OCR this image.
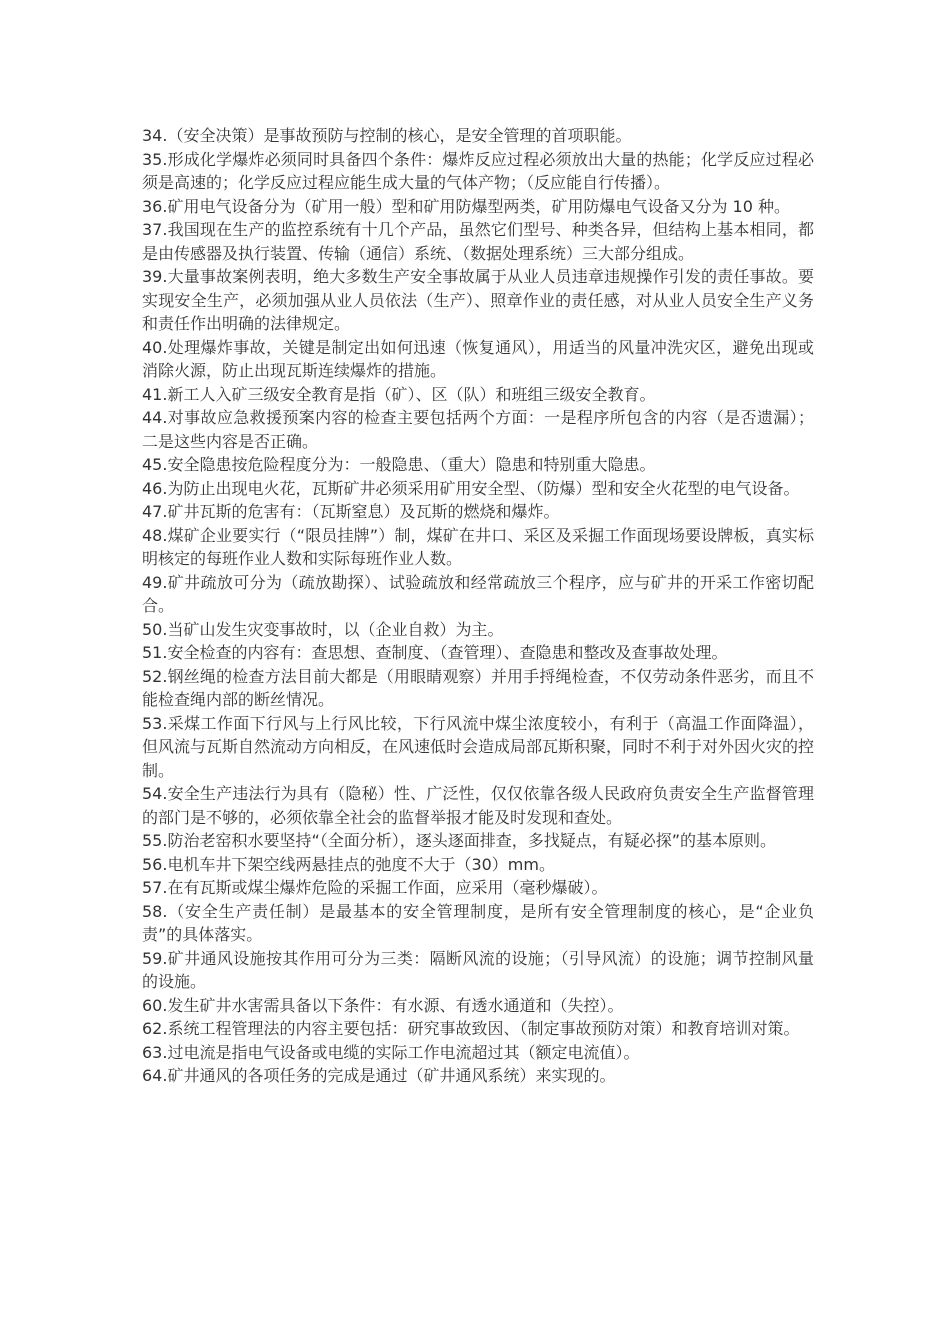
34.（安全决策）是事故预防与控制的核心，是安全管理的首项职能。

35.形成化学爆炸必须同时具备四个条件：爆炸反应过程必须放出大量的热能；化学反应过程必须是高速的；化学反应过程应能生成大量的气体产物；（反应能自行传播）。

36.矿用电气设备分为（矿用一般）型和矿用防爆型两类，矿用防爆电气设备又分为 10 种。

37.我国现在生产的监控系统有十几个产品，虽然它们型号、种类各异，但结构上基本相同，都是由传感器及执行装置、传输（通信）系统、（数据处理系统）三大部分组成。

39.大量事故案例表明，绝大多数生产安全事故属于从业人员违章违规操作引发的责任事故。要实现安全生产，必须加强从业人员依法（生产）、照章作业的责任感，对从业人员安全生产义务和责任作出明确的法律规定。

40.处理爆炸事故，关键是制定出如何迅速（恢复通风），用适当的风量冲洗灾区，避免出现或消除火源，防止出现瓦斯连续爆炸的措施。

41.新工人入矿三级安全教育是指（矿）、区（队）和班组三级安全教育。

44.对事故应急救援预案内容的检查主要包括两个方面：一是程序所包含的内容（是否遗漏）；二是这些内容是否正确。

45.安全隐患按危险程度分为：一般隐患、（重大）隐患和特别重大隐患。

46.为防止出现电火花，瓦斯矿井必须采用矿用安全型、（防爆）型和安全火花型的电气设备。

47.矿井瓦斯的危害有：（瓦斯窒息）及瓦斯的燃烧和爆炸。

48.煤矿企业要实行（“限员挂牌”）制，煤矿在井口、采区及采掘工作面现场要设牌板，真实标明核定的每班作业人数和实际每班作业人数。

49.矿井疏放可分为（疏放勘探）、试验疏放和经常疏放三个程序，应与矿井的开采工作密切配合。

50.当矿山发生灾变事故时，以（企业自救）为主。

51.安全检查的内容有：查思想、查制度、（查管理）、查隐患和整改及查事故处理。

52.钢丝绳的检查方法目前大都是（用眼睛观察）并用手捋绳检查，不仅劳动条件恶劣，而且不能检查绳内部的断丝情况。

53.采煤工作面下行风与上行风比较，下行风流中煤尘浓度较小，有利于（高温工作面降温），但风流与瓦斯自然流动方向相反，在风速低时会造成局部瓦斯积聚，同时不利于对外因火灾的控制。

54.安全生产违法行为具有（隐秘）性、广泛性，仅仅依靠各级人民政府负责安全生产监督管理的部门是不够的，必须依靠全社会的监督举报才能及时发现和查处。

55.防治老窑积水要坚持“（全面分析），逐头逐面排查，多找疑点，有疑必探”的基本原则。

56.电机车井下架空线两悬挂点的弛度不大于（30）mm。

57.在有瓦斯或煤尘爆炸危险的采掘工作面，应采用（毫秒爆破）。

58.（安全生产责任制）是最基本的安全管理制度，是所有安全管理制度的核心，是“企业负责”的具体落实。

59.矿井通风设施按其作用可分为三类：隔断风流的设施；（引导风流）的设施；调节控制风量的设施。

60.发生矿井水害需具备以下条件：有水源、有透水通道和（失控）。

62.系统工程管理法的内容主要包括：研究事故致因、（制定事故预防对策）和教育培训对策。

63.过电流是指电气设备或电缆的实际工作电流超过其（额定电流值）。

64.矿井通风的各项任务的完成是通过（矿井通风系统）来实现的。
